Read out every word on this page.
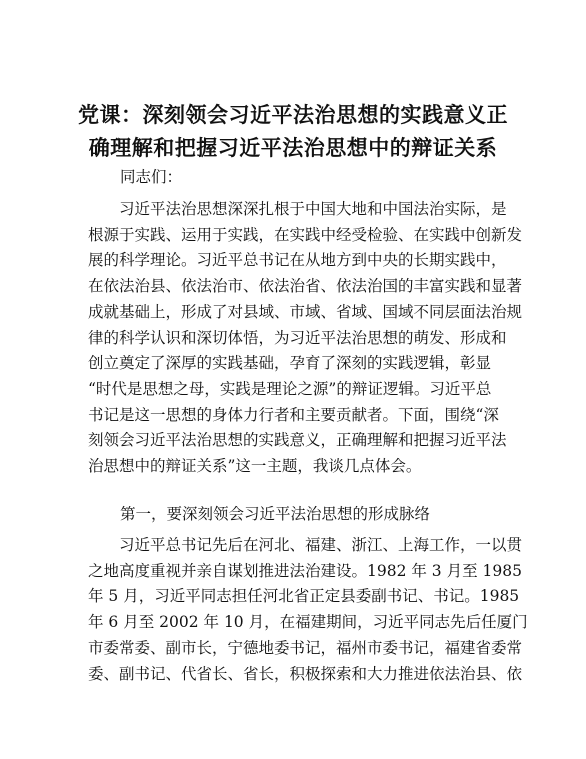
党课：深刻领会习近平法治思想的实践意义正
确理解和把握习近平法治思想中的辩证关系
同志们：
　　习近平法治思想深深扎根于中国大地和中国法治实际，是
根源于实践、运用于实践，在实践中经受检验、在实践中创新发
展的科学理论。习近平总书记在从地方到中央的长期实践中，
在依法治县、依法治市、依法治省、依法治国的丰富实践和显著
成就基础上，形成了对县域、市域、省域、国域不同层面法治规
律的科学认识和深切体悟，为习近平法治思想的萌发、形成和
创立奠定了深厚的实践基础，孕育了深刻的实践逻辑，彰显
“时代是思想之母，实践是理论之源”的辩证逻辑。习近平总
书记是这一思想的身体力行者和主要贡献者。下面，围绕“深
刻领会习近平法治思想的实践意义，正确理解和把握习近平法
治思想中的辩证关系”这一主题，我谈几点体会。
第一，要深刻领会习近平法治思想的形成脉络
　　习近平总书记先后在河北、福建、浙江、上海工作，一以贯
之地高度重视并亲自谋划推进法治建设。1982 年 3 月至 1985
年 5 月，习近平同志担任河北省正定县委副书记、书记。1985
年 6 月至 2002 年 10 月，在福建期间，习近平同志先后任厦门
市委常委、副市长，宁德地委书记，福州市委书记，福建省委常
委、副书记、代省长、省长，积极探索和大力推进依法治县、依
